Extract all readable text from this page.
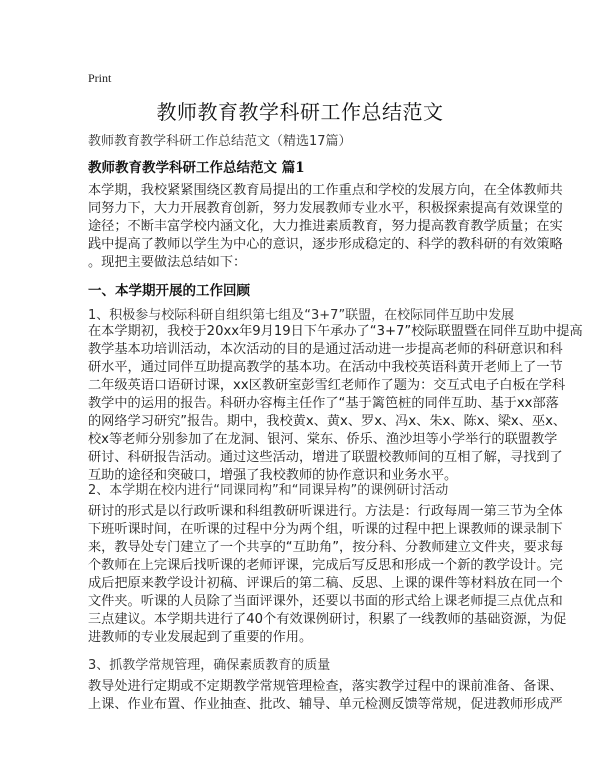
Print
教师教育教学科研工作总结范文
教师教育教学科研工作总结范文（精选17篇）
教师教育教学科研工作总结范文 篇1
本学期，我校紧紧围绕区教育局提出的工作重点和学校的发展方向，在全体教师共
同努力下，大力开展教育创新，努力发展教师专业水平，积极探索提高有效课堂的
途径；不断丰富学校内涵文化，大力推进素质教育，努力提高教育教学质量；在实
践中提高了教师以学生为中心的意识，逐步形成稳定的、科学的教科研的有效策略
。现把主要做法总结如下：
一、本学期开展的工作回顾
1、积极参与校际科研自组织第七组及“3+7”联盟，在校际同伴互助中发展
在本学期初，我校于20xx年9月19日下午承办了“3+7”校际联盟暨在同伴互助中提高
教学基本功培训活动，本次活动的目的是通过活动进一步提高老师的科研意识和科
研水平，通过同伴互助提高教学的基本功。在活动中我校英语科黄开老师上了一节
二年级英语口语研讨课，xx区教研室彭雪红老师作了题为：交互式电子白板在学科
教学中的运用的报告。科研办容梅主任作了“基于篱笆桩的同伴互助、基于xx部落
的网络学习研究”报告。期中，我校黄x、黄x、罗x、冯x、朱x、陈x、梁x、巫x、
校x等老师分别参加了在龙洞、银河、棠东、侨乐、渔沙坦等小学举行的联盟教学
研讨、科研报告活动。通过这些活动，增进了联盟校教师间的互相了解，寻找到了
互助的途径和突破口，增强了我校教师的协作意识和业务水平。
2、本学期在校内进行“同课同构”和“同课异构”的课例研讨活动
研讨的形式是以行政听课和科组教研听课进行。方法是：行政每周一第三节为全体
下班听课时间，在听课的过程中分为两个组，听课的过程中把上课教师的课录制下
来，教导处专门建立了一个共享的“互助角”，按分科、分教师建立文件夹，要求每
个教师在上完课后找听课的老师评课，完成后写反思和形成一个新的教学设计。完
成后把原来教学设计初稿、评课后的第二稿、反思、上课的课件等材料放在同一个
文件夹。听课的人员除了当面评课外，还要以书面的形式给上课老师提三点优点和
三点建议。本学期共进行了40个有效课例研讨，积累了一线教师的基础资源，为促
进教师的专业发展起到了重要的作用。
3、抓教学常规管理，确保素质教育的质量
教导处进行定期或不定期教学常规管理检查，落实教学过程中的课前准备、备课、
上课、作业布置、作业抽查、批改、辅导、单元检测反馈等常规，促进教师形成严
